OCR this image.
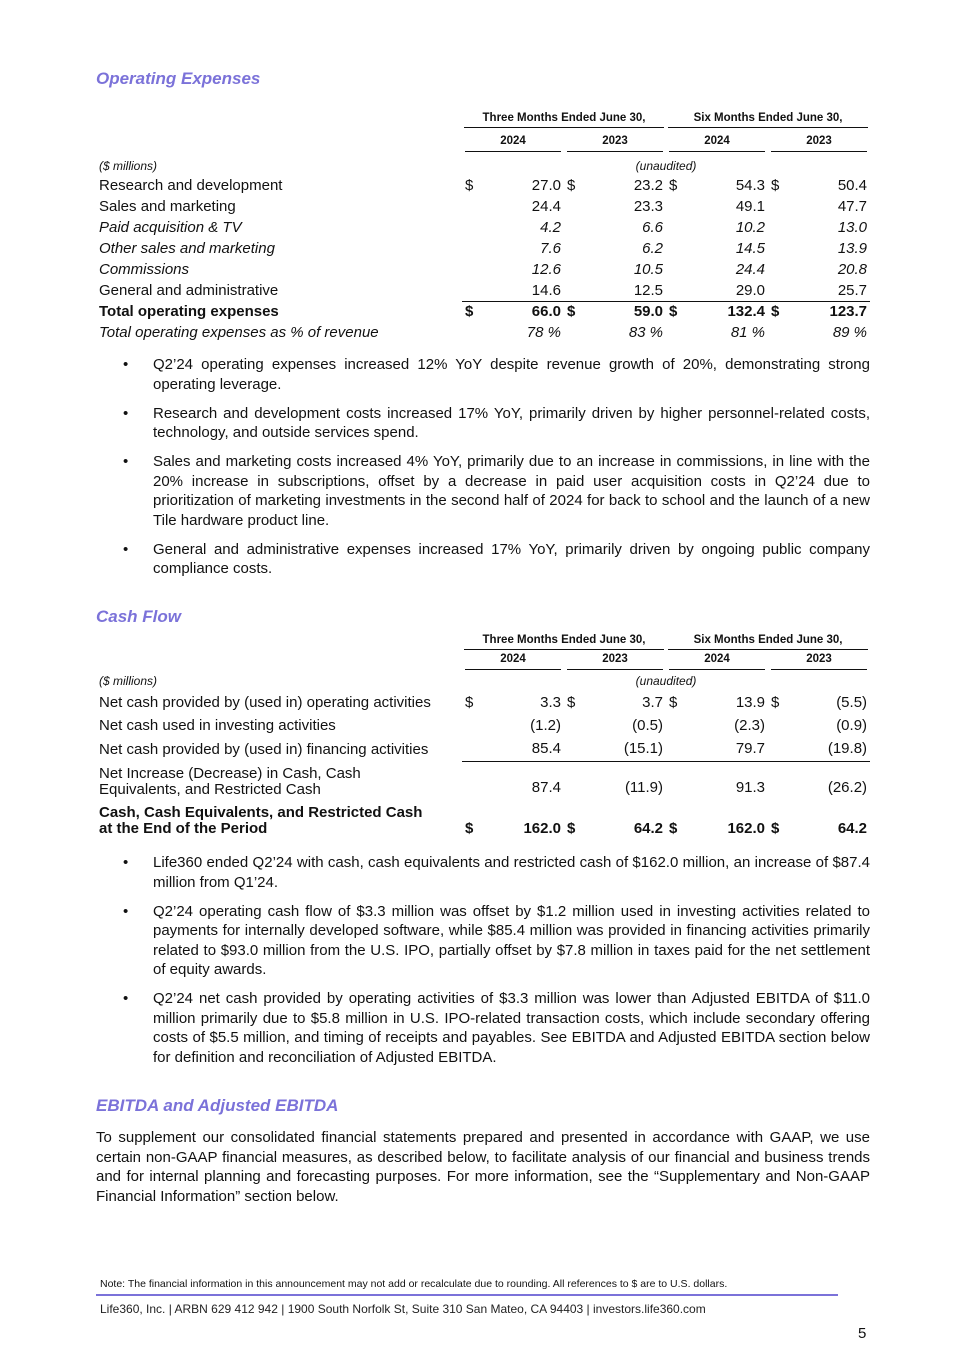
Operating Expenses

	Three Months Ended June 30,				Six Months Ended June 30,			

	2024		2023		2024		2023	

($ millions)	(unaudited)							
Research and development	$	27.0	$	23.2	$	54.3	$	50.4
Sales and marketing		24.4		23.3		49.1		47.7
Paid acquisition & TV		4.2		6.6		10.2		13.0
Other sales and marketing		7.6		6.2		14.5		13.9
Commissions		12.6		10.5		24.4		20.8
General and administrative		14.6		12.5		29.0		25.7
Total operating expenses	$	66.0	$	59.0	$	132.4	$	123.7
Total operating expenses as % of revenue	78 %		83 %		81 %		89 %	
• Q2’24 operating expenses increased 12% YoY despite revenue growth of 20%, demonstrating strong operating leverage.
• Research and development costs increased 17% YoY, primarily driven by higher personnel-related costs, technology, and outside services spend.
• Sales and marketing costs increased 4% YoY, primarily due to an increase in commissions, in line with the 20% increase in subscriptions, offset by a decrease in paid user acquisition costs in Q2’24 due to prioritization of marketing investments in the second half of 2024 for back to school and the launch of a new Tile hardware product line.
• General and administrative expenses increased 17% YoY, primarily driven by ongoing public company compliance costs.
Cash Flow

	Three Months Ended June 30,				Six Months Ended June 30,			

	2024		2023		2024		2023	

($ millions)	(unaudited)							
Net cash provided by (used in) operating activities	$	3.3	$	3.7	$	13.9	$	(5.5)
Net cash used in investing activities		(1.2)		(0.5)		(2.3)		(0.9)
Net cash provided by (used in) financing activities		85.4		(15.1)		79.7		(19.8)
Net Increase (Decrease) in Cash, Cash
Equivalents, and Restricted Cash		87.4		(11.9)		91.3		(26.2)
Cash, Cash Equivalents, and Restricted Cash
at the End of the Period	$	162.0	$	64.2	$	162.0	$	64.2
• Life360 ended Q2’24 with cash, cash equivalents and restricted cash of $162.0 million, an increase of $87.4 million from Q1’24.
• Q2’24 operating cash flow of $3.3 million was offset by $1.2 million used in investing activities related to payments for internally developed software, while $85.4 million was provided in financing activities primarily related to $93.0 million from the U.S. IPO, partially offset by $7.8 million in taxes paid for the net settlement of equity awards.
• Q2’24 net cash provided by operating activities of $3.3 million was lower than Adjusted EBITDA of $11.0 million primarily due to $5.8 million in U.S. IPO-related transaction costs, which include secondary offering costs of $5.5 million, and timing of receipts and payables. See EBITDA and Adjusted EBITDA section below for definition and reconciliation of Adjusted EBITDA.
EBITDA and Adjusted EBITDA

To supplement our consolidated financial statements prepared and presented in accordance with GAAP, we use certain non-GAAP financial measures, as described below, to facilitate analysis of our financial and business trends and for internal planning and forecasting purposes. For more information, see the “Supplementary and Non-GAAP Financial Information” section below.

Note: The financial information in this announcement may not add or recalculate due to rounding. All references to $ are to U.S. dollars.
Life360, Inc. | ARBN 629 412 942 | 1900 South Norfolk St, Suite 310 San Mateo, CA 94403 | investors.life360.com
5
